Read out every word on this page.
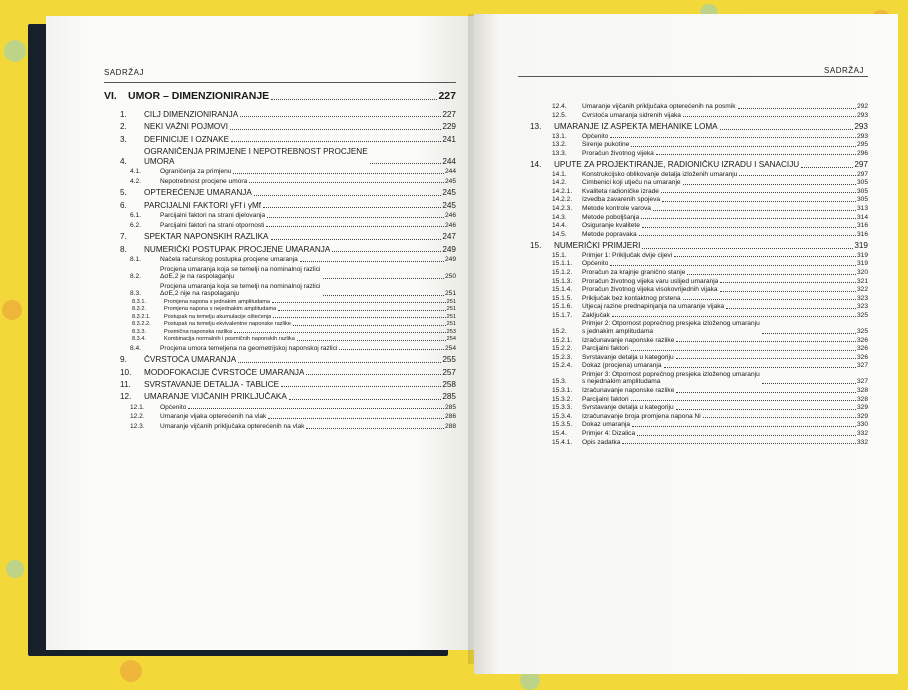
SADRŽAJ
VI.	UMOR – DIMENZIONIRANJE	227
1.	CILJ DIMENZIONIRANJA	227
2.	NEKI VAŽNI POJMOVI	229
3.	DEFINICIJE I OZNAKE	241
4.
OGRANIČENJA PRIMJENE I NEPOTREBNOST PROCJENE
UMORA	244
4.1.	Ograničenja za primjenu	244
4.2.	Nepotrebnost procjene umora	245
5.	OPTEREĆENJE UMARANJA	245
6.	PARCIJALNI FAKTORI γFf i γMf	245
6.1.	Parcijalni faktori na strani djelovanja	246
6.2.	Parcijalni faktori na strani otpornosti	246
7.	SPEKTAR NAPONSKIH RAZLIKA	247
8.	NUMERIČKI POSTUPAK PROCJENE UMARANJA	249
8.1.	Načela računskog postupka procjene umaranja	249
8.2.
Procjena umaranja koja se temelji na nominalnoj razlici
ΔσE,2 je na raspolaganju	250
8.3.
Procjena umaranja koja se temelji na nominalnoj razlici
ΔσE,2 nije na raspolaganju	251
8.3.1.	Promjena napona s jednakim amplitudama	251
8.3.2.	Promjena napona s nejednakim amplitudama	251
8.3.2.1.	Postupak na temelju akumulacije oštećenja	251
8.3.2.2.	Postupak na temelju ekvivalentne naponske razlike	251
8.3.3.	Posmična naponska razlika	253
8.3.4.	Kombinacija normalnih i posmičnih naponskih razlika	254
8.4.	Procjena umora temeljena na geometrijskoj naponskoj razlici	254
9.	ČVRSTOĆA UMARANJA	255
10.	MODOFOKACIJE ČVRSTOĆE UMARANJA	257
11.	SVRSTAVANJE DETALJA - TABLICE	258
12.	UMARANJE VIJČANIH PRIKLJUČAKA	285
12.1.	Općenito	285
12.2.	Umaranje vijaka opterećenih na vlak	286
12.3.	Umaranje vijčanih priključaka opterećenih na vlak	288
SADRŽAJ
12.4.	Umaranje vijčanih priključaka opterećenih na posmik	292
12.5.	Čvrstoća umaranja sidrenih vijaka	293
13.	UMARANJE IZ ASPEKTA MEHANIKE LOMA	293
13.1.	Općenito	293
13.2.	Širenje pukotine	295
13.3.	Proračun životnog vijeka	296
14.	UPUTE ZA PROJEKTIRANJE, RADIONIČKU IZRADU I SANACIJU	297
14.1.	Konstrukcijsko oblikovanje detalja izloženih umaranju	297
14.2.	Čimbenici koji utječu na umaranje	305
14.2.1.	Kvaliteta radioničke izrade	305
14.2.2.	Izvedba zavarenih spojeva	305
14.2.3.	Metode kontrole varova	313
14.3.	Metode poboljšanja	314
14.4.	Osiguranje kvalitete	316
14.5.	Metode popravaka	316
15.	NUMERIČKI PRIMJERI	319
15.1.	Primjer 1: Priključak dvije cijevi	319
15.1.1.	Općenito	319
15.1.2.	Proračun za krajnje granično stanje	320
15.1.3.	Proračun životnog vijeka varu uslijed umaranja	321
15.1.4.	Proračun životnog vijeka visokovrijednih vijaka	322
15.1.5.	Priključak bez kontaktnog prstena	323
15.1.6.	Utjecaj razine prednapinjanja na umaranje vijaka	323
15.1.7.	Zaključak	325
15.2.
Primjer 2: Otpornost poprečnog presjeka izloženog umaranju
s jednakim amplitudama	325
15.2.1.	Izračunavanje naponske razlike	326
15.2.2.	Parcijalni faktori	326
15.2.3.	Svrstavanje detalja u kategoriju	326
15.2.4.	Dokaz (procjena) umaranja	327
15.3.
Primjer 3: Otpornost poprečnog presjeka izloženog umaranju
s nejednakim amplitudama	327
15.3.1.	Izračunavanje naponske razlike	328
15.3.2.	Parcijalni faktori	328
15.3.3.	Svrstavanje detalja u kategoriju	329
15.3.4.	Izračunavanje broja promjena napona Ni	329
15.3.5.	Dokaz umaranja	330
15.4.	Primjer 4: Dizalica	332
15.4.1.	Opis zadatka	332
